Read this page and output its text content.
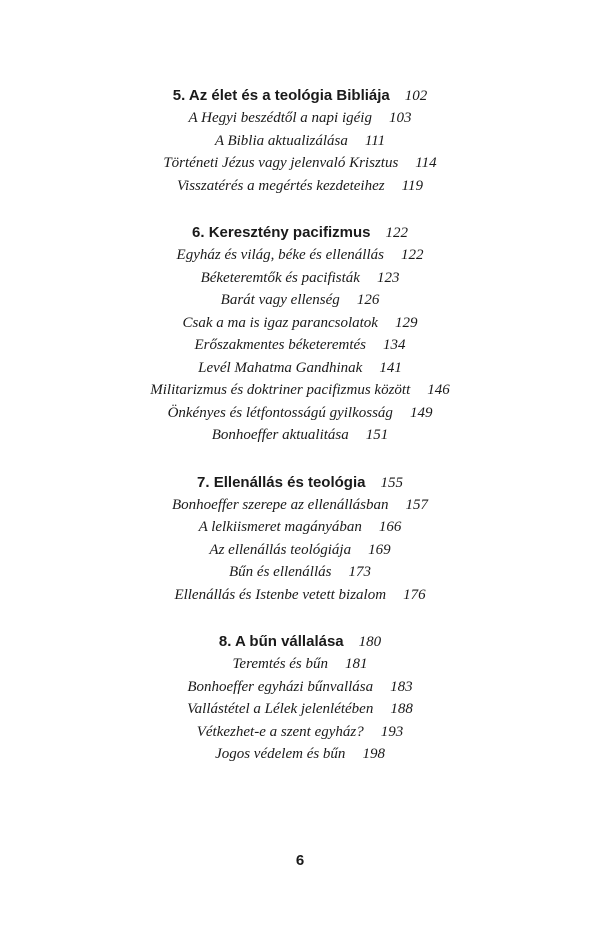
5. Az élet és a teológia Bibliája 102
A Hegyi beszédtől a napi igéig 103
A Biblia aktualizálása 111
Történeti Jézus vagy jelenvaló Krisztus 114
Visszatérés a megértés kezdeteihez 119
6. Keresztény pacifizmus 122
Egyház és világ, béke és ellenállás 122
Béketeremtők és pacifisták 123
Barát vagy ellenség 126
Csak a ma is igaz parancsolatok 129
Erőszakmentes béketeremtés 134
Levél Mahatma Gandhinak 141
Militarizmus és doktriner pacifizmus között 146
Önkényes és létfontosságú gyilkosság 149
Bonhoeffer aktualitása 151
7. Ellenállás és teológia 155
Bonhoeffer szerepe az ellenállásban 157
A lelkiismeret magányában 166
Az ellenállás teológiája 169
Bűn és ellenállás 173
Ellenállás és Istenbe vetett bizalom 176
8. A bűn vállalása 180
Teremtés és bűn 181
Bonhoeffer egyházi bűnvallása 183
Vallástétel a Lélek jelenlétében 188
Vétkezhet-e a szent egyház? 193
Jogos védelem és bűn 198
6
